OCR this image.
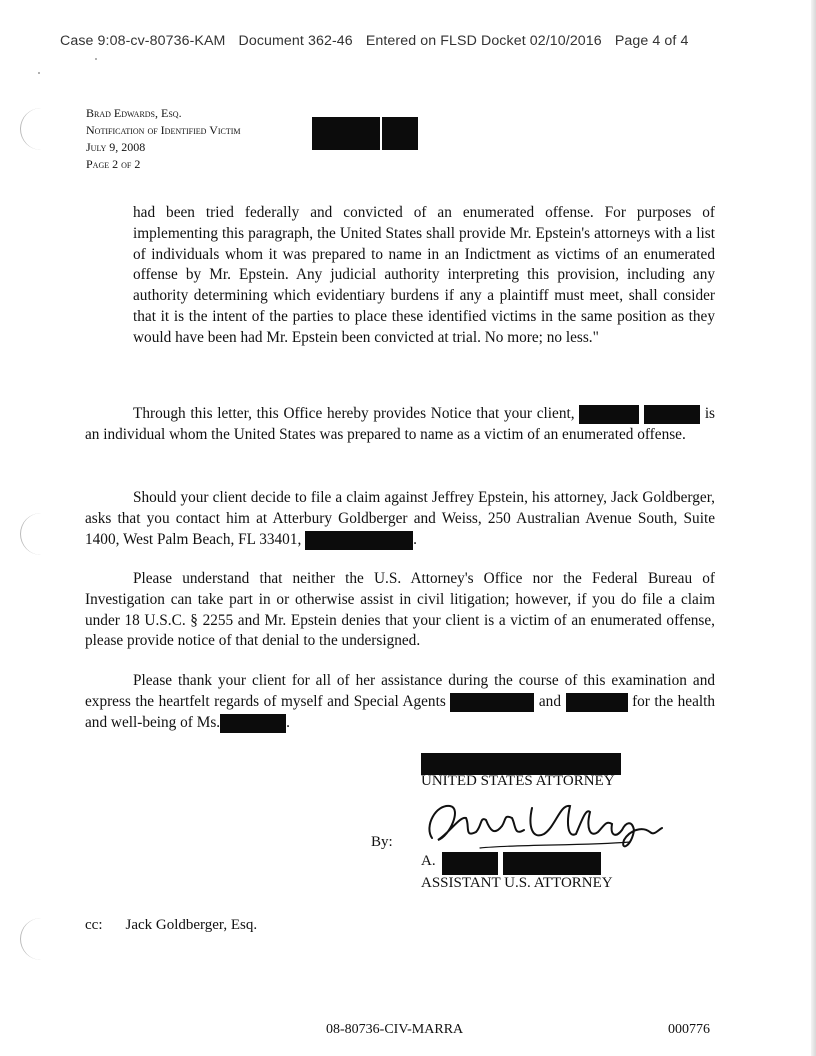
Case 9:08-cv-80736-KAM Document 362-46 Entered on FLSD Docket 02/10/2016 Page 4 of 4
Brad Edwards, Esq.
Notification of Identified Victim
July 9, 2008
Page 2 of 2
had been tried federally and convicted of an enumerated offense. For purposes of implementing this paragraph, the United States shall provide Mr. Epstein's attorneys with a list of individuals whom it was prepared to name in an Indictment as victims of an enumerated offense by Mr. Epstein. Any judicial authority interpreting this provision, including any authority determining which evidentiary burdens if any a plaintiff must meet, shall consider that it is the intent of the parties to place these identified victims in the same position as they would have been had Mr. Epstein been convicted at trial. No more; no less."
Through this letter, this Office hereby provides Notice that your client,	is an individual whom the United States was prepared to name as a victim of an enumerated offense.
Should your client decide to file a claim against Jeffrey Epstein, his attorney, Jack Goldberger, asks that you contact him at Atterbury Goldberger and Weiss, 250 Australian Avenue South, Suite 1400, West Palm Beach, FL 33401,	.
Please understand that neither the U.S. Attorney's Office nor the Federal Bureau of Investigation can take part in or otherwise assist in civil litigation; however, if you do file a claim under 18 U.S.C. § 2255 and Mr. Epstein denies that your client is a victim of an enumerated offense, please provide notice of that denial to the undersigned.
Please thank your client for all of her assistance during the course of this examination and express the heartfelt regards of myself and Special Agents	and	for the health and well-being of Ms.	.
UNITED STATES ATTORNEY
By:
A.
ASSISTANT U.S. ATTORNEY
cc: Jack Goldberger, Esq.
08-80736-CIV-MARRA	000776
